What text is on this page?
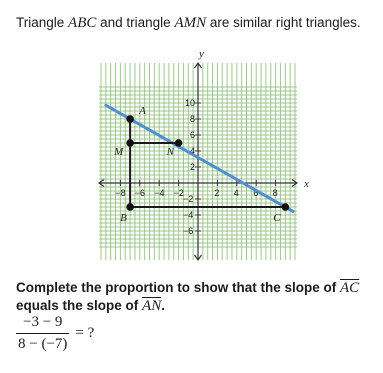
Triangle ABC and triangle AMN are similar right triangles.
x
y
−8 −6 −4 −2	2 4 6 8
−6
−4
−2
2
4
6
8
10
A
M	N
B	C
Complete the proportion to show that the slope of $\overline{AC}$ equals the slope of $\overline{AN}$.
$\frac{-3 - 9}{8 - (-7)}$ = ?
